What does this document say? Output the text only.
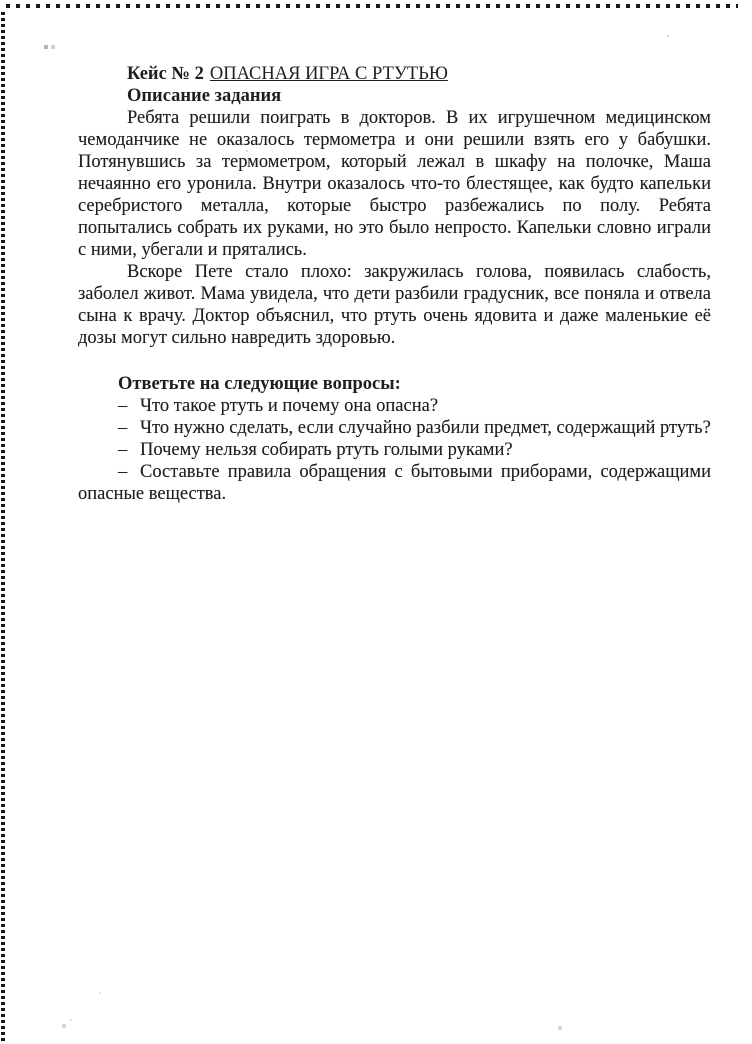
Кейс № 2 ОПАСНАЯ ИГРА С РТУТЬЮ

Описание задания

Ребята решили поиграть в докторов. В их игрушечном медицинском чемоданчике не оказалось термометра и они решили взять его у бабушки. Потянувшись за термометром, который лежал в шкафу на полочке, Маша нечаянно его уронила. Внутри оказалось что-то блестящее, как будто капельки серебристого металла, которые быстро разбежались по полу. Ребята попытались собрать их руками, но это было непросто. Капельки словно играли с ними, убегали и прятались.

Вскоре Пете стало плохо: закружилась голова, появилась слабость, заболел живот. Мама увидела, что дети разбили градусник, все поняла и отвела сына к врачу. Доктор объяснил, что ртуть очень ядовита и даже маленькие её дозы могут сильно навредить здоровью.

Ответьте на следующие вопросы:

– Что такое ртуть и почему она опасна?

– Что нужно сделать, если случайно разбили предмет, содержащий ртуть?

– Почему нельзя собирать ртуть голыми руками?

– Составьте правила обращения с бытовыми приборами, содержащими опасные вещества.
